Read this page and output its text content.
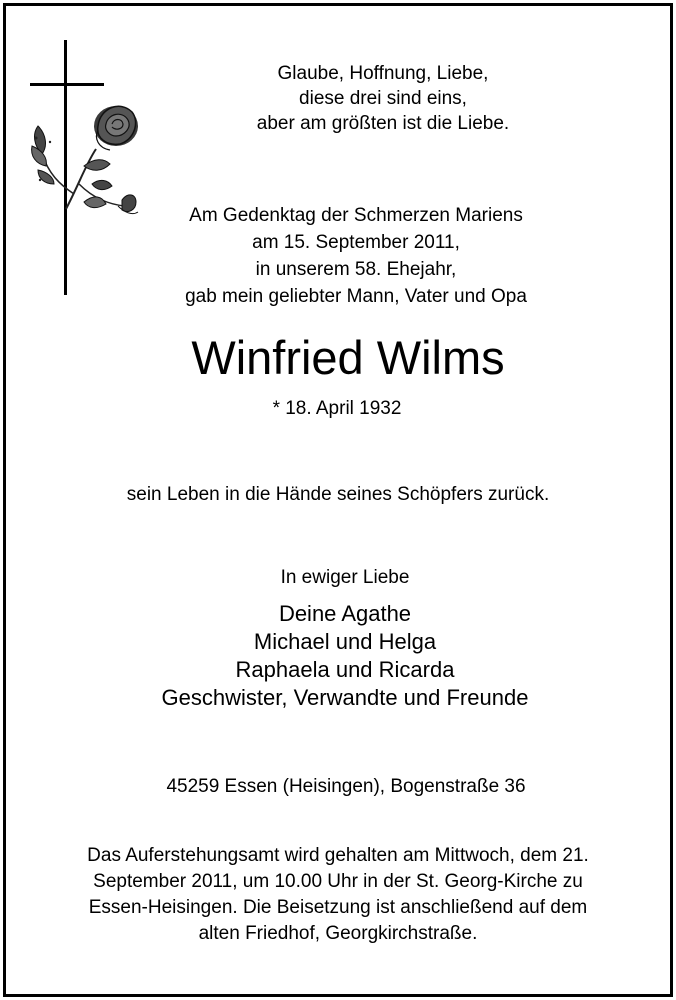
Glaube, Hoffnung, Liebe,
diese drei sind eins,
aber am größten ist die Liebe.
Am Gedenktag der Schmerzen Mariens
am 15. September 2011,
in unserem 58. Ehejahr,
gab mein geliebter Mann, Vater und Opa
Winfried Wilms
* 18. April 1932
sein Leben in die Hände seines Schöpfers zurück.
In ewiger Liebe
Deine Agathe
Michael und Helga
Raphaela und Ricarda
Geschwister, Verwandte und Freunde
45259 Essen (Heisingen), Bogenstraße 36
Das Auferstehungsamt wird gehalten am Mittwoch, dem 21.
September 2011, um 10.00 Uhr in der St. Georg-Kirche zu
Essen-Heisingen. Die Beisetzung ist anschließend auf dem
alten Friedhof, Georgkirchstraße.
